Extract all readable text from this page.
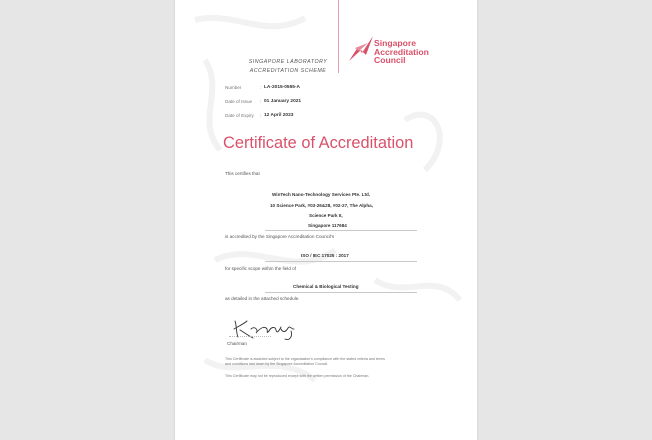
SINGAPORE LABORATORY
ACCREDITATION SCHEME
Singapore
Accreditation
Council
Number	: LA-2015-0555-A
Date of Issue : 01 January 2021
Date of Expiry : 12 April 2023
Certificate of Accreditation
This certifies that
WinTech Nano-Technology Services Pte. Ltd.
10 Science Park, #03-26&28, #02-27, The Alpha,
Science Park II,
Singapore 117684
is accredited by the Singapore Accreditation Council's
ISO / IEC 17025 : 2017
for specific scope within the field of
Chemical & Biological Testing
as detailed in the attached schedule.
Chairman
This Certificate is awarded subject to the organisation's compliance with the stated criteria and terms
and conditions laid down by the Singapore Accreditation Council.
This Certificate may not be reproduced except with the written permission of the Chairman.
